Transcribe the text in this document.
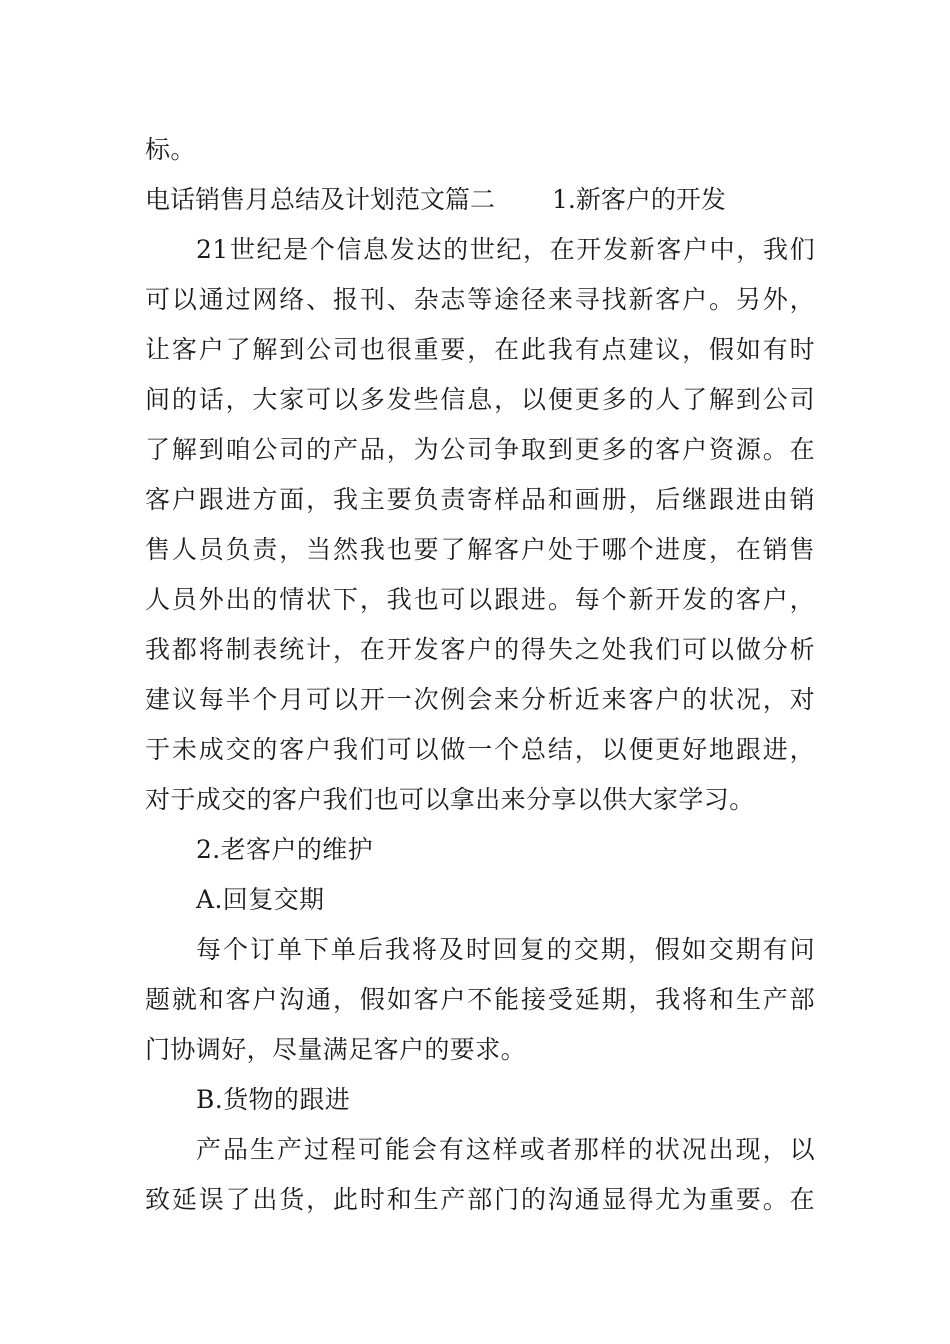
标。
电话销售月总结及计划范文篇二 1.新客户的开发
21世纪是个信息发达的世纪，在开发新客户中，我们
可以通过网络、报刊、杂志等途径来寻找新客户。另外，
让客户了解到公司也很重要，在此我有点建议，假如有时
间的话，大家可以多发些信息，以便更多的人了解到公司
了解到咱公司的产品，为公司争取到更多的客户资源。在
客户跟进方面，我主要负责寄样品和画册，后继跟进由销
售人员负责，当然我也要了解客户处于哪个进度，在销售
人员外出的情状下，我也可以跟进。每个新开发的客户，
我都将制表统计，在开发客户的得失之处我们可以做分析
建议每半个月可以开一次例会来分析近来客户的状况，对
于未成交的客户我们可以做一个总结，以便更好地跟进，
对于成交的客户我们也可以拿出来分享以供大家学习。
2.老客户的维护
A.回复交期
每个订单下单后我将及时回复的交期，假如交期有问
题就和客户沟通，假如客户不能接受延期，我将和生产部
门协调好，尽量满足客户的要求。
B.货物的跟进
产品生产过程可能会有这样或者那样的状况出现，以
致延误了出货，此时和生产部门的沟通显得尤为重要。在
